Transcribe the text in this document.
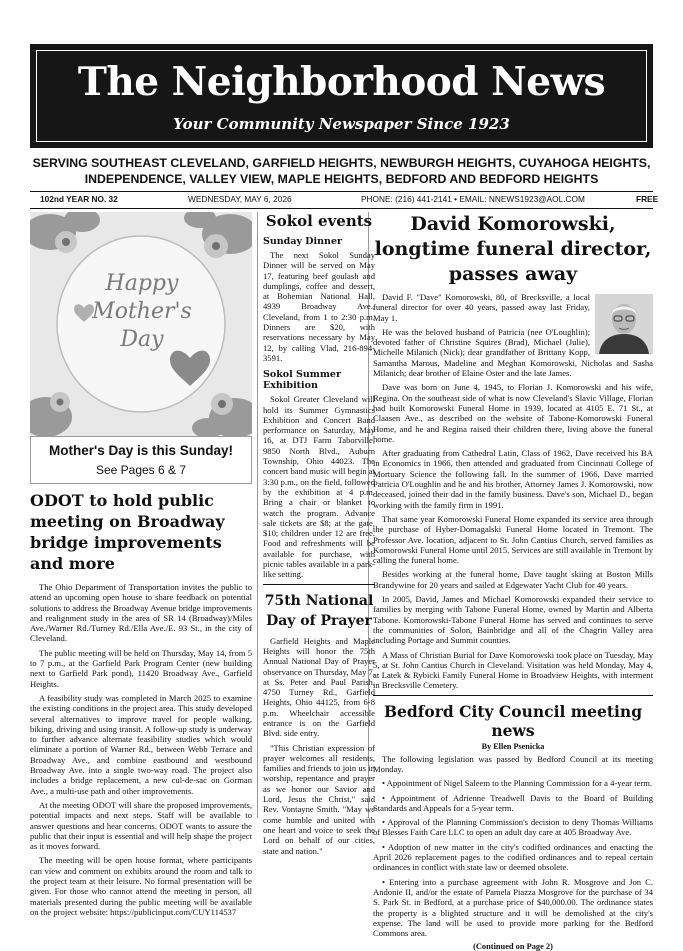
The Neighborhood News
Your Community Newspaper Since 1923
SERVING SOUTHEAST CLEVELAND, GARFIELD HEIGHTS, NEWBURGH HEIGHTS, CUYAHOGA HEIGHTS,
INDEPENDENCE, VALLEY VIEW, MAPLE HEIGHTS, BEDFORD AND BEDFORD HEIGHTS
102nd YEAR NO. 32	WEDNESDAY, MAY 6, 2026	PHONE: (216) 441-2141 • EMAIL: NNEWS1923@AOL.COM	FREE
Happy
Mother's
Day
Mother's Day is this Sunday!
See Pages 6 & 7
ODOT to hold public meeting on Broadway bridge improvements and more

The Ohio Department of Transportation invites the public to attend an upcoming open house to share feedback on potential solutions to address the Broadway Avenue bridge improvements and realignment study in the area of SR 14 (Broadway)/Miles Ave./Warner Rd./Turney Rd./Ella Ave./E. 93 St., in the city of Cleveland.

The public meeting will be held on Thursday, May 14, from 5 to 7 p.m., at the Garfield Park Program Center (new building next to Garfield Park pond), 11420 Broadway Ave., Garfield Heights.

A feasibility study was completed in March 2025 to examine the existing conditions in the project area. This study developed several alternatives to improve travel for people walking, biking, driving and using transit. A follow-up study is underway to further advance alternate feasibility studies which would eliminate a portion of Warner Rd., between Webb Terrace and Broadway Ave., and combine eastbound and westbound Broadway Ave. into a single two-way road. The project also includes a bridge replacement, a new cul-de-sac on Gorman Ave., a multi-use path and other improvements.

At the meeting ODOT will share the proposed improvements, potential impacts and next steps. Staff will be available to answer questions and hear concerns. ODOT wants to assure the public that their input is essential and will help shape the project as it moves forward.

The meeting will be open house format, where participants can view and comment on exhibits around the room and talk to the project team at their leisure. No formal presentation will be given. For those who cannot attend the meeting in person, all materials presented during the public meeting will be available on the project website: https://publicinput.com/CUY114537

Sokol events
Sunday Dinner

The next Sokol Sunday Dinner will be served on May 17, featuring beef goulash and dumplings, coffee and dessert, at Bohemian National Hall, 4939 Broadway Ave., Cleveland, from 1 to 2:30 p.m. Dinners are $20, with reservations necessary by May 12, by calling Vlad, 216-894-3591.

Sokol Summer Exhibition

Sokol Greater Cleveland will hold its Summer Gymnastics Exhibition and Concert Band performance on Saturday, May 16, at DTJ Farm Taborville, 9850 North Blvd., Auburn Township, Ohio 44023. The concert band music will begin at 3:30 p.m., on the field, followed by the exhibition at 4 p.m. Bring a chair or blanket to watch the program. Advance sale tickets are $8; at the gate, $10; children under 12 are free. Food and refreshments will be available for purchase, with picnic tables available in a park-like setting.

75th National Day of Prayer

Garfield Heights and Maple Heights will honor the 75th Annual National Day of Prayer observance on Thursday, May 7, at Ss. Peter and Paul Parish, 4750 Turney Rd., Garfield Heights, Ohio 44125, from 6-8 p.m. Wheelchair accessible entrance is on the Garfield Blvd. side entry.

"This Christian expression of prayer welcomes all residents, families and friends to join us in worship, repentance and prayer as we honor our Savior and Lord, Jesus the Christ," said Rev. Vontayne Smith. "May we come humble and united with one heart and voice to seek the Lord on behalf of our cities, state and nation."

David Komorowski, longtime funeral director, passes away

David F. "Dave" Komorowski, 80, of Brecksville, a local funeral director for over 40 years, passed away last Friday, May 1.

He was the beloved husband of Patricia (nee O'Loughlin); devoted father of Christine Squires (Brad), Michael (Julie), Michelle Milanich (Nick); dear grandfather of Brittany Kopp, Samantha Marous, Madeline and Meghan Komorowski, Nicholas and Sasha Milanich; dear brother of Elaine Oster and the late James.

Dave was born on June 4, 1945, to Florian J. Komorowski and his wife, Regina. On the southeast side of what is now Cleveland's Slavic Village, Florian had built Komorowski Funeral Home in 1939, located at 4105 E. 71 St., at Claasen Ave., as described on the website of Tabone-Komorowski Funeral Home, and he and Regina raised their children there, living above the funeral home.

After graduating from Cathedral Latin, Class of 1962, Dave received his BA in Economics in 1966, then attended and graduated from Cincinnati College of Mortuary Science the following fall. In the summer of 1966, Dave married Patricia O'Loughlin and he and his brother, Attorney James J. Komorowski, now deceased, joined their dad in the family business. Dave's son, Michael D., began working with the family firm in 1991.

That same year Komorowski Funeral Home expanded its service area through the purchase of Hyber-Domagalski Funeral Home located in Tremont. The Professor Ave. location, adjacent to St. John Cantius Church, served families as Komorowski Funeral Home until 2015. Services are still available in Tremont by calling the funeral home.

Besides working at the funeral home, Dave taught skiing at Boston Mills Brandywine for 20 years and sailed at Edgewater Yacht Club for 40 years.

In 2005, David, James and Michael Komorowski expanded their service to families by merging with Tabone Funeral Home, owned by Martin and Alberta Tabone. Komorowski-Tabone Funeral Home has served and continues to serve the communities of Solon, Bainbridge and all of the Chagrin Valley area including Portage and Summit counties.

A Mass of Christian Burial for Dave Komorowski took place on Tuesday, May 5, at St. John Cantius Church in Cleveland. Visitation was held Monday, May 4, at Latek & Rybicki Family Funeral Home in Broadview Heights, with interment in Brecksville Cemetery.

Bedford City Council meeting news
By Ellen Psenicka

The following legislation was passed by Bedford Council at its meeting Monday.

• Appointment of Nigel Saleem to the Planning Commission for a 4-year term.

• Appointment of Adrienne Treadwell Davis to the Board of Building Standards and Appeals for a 5-year term.

• Approval of the Planning Commission's decision to deny Thomas Williams of Blesses Faith Care LLC to open an adult day care at 405 Broadway Ave.

• Adoption of new matter in the city's codified ordinances and enacting the April 2026 replacement pages to the codified ordinances and to repeal certain ordinances in conflict with state law or deemed obsolete.

• Entering into a purchase agreement with John R. Mosgrove and Jon C. Andonie II, and/or the estate of Pamela Piazza Mosgrove for the purchase of 34 S. Park St. in Bedford, at a purchase price of $40,000.00. The ordinance states the property is a blighted structure and it will be demolished at the city's expense. The land will be used to provide more parking for the Bedford Commons area.

(Continued on Page 2)
